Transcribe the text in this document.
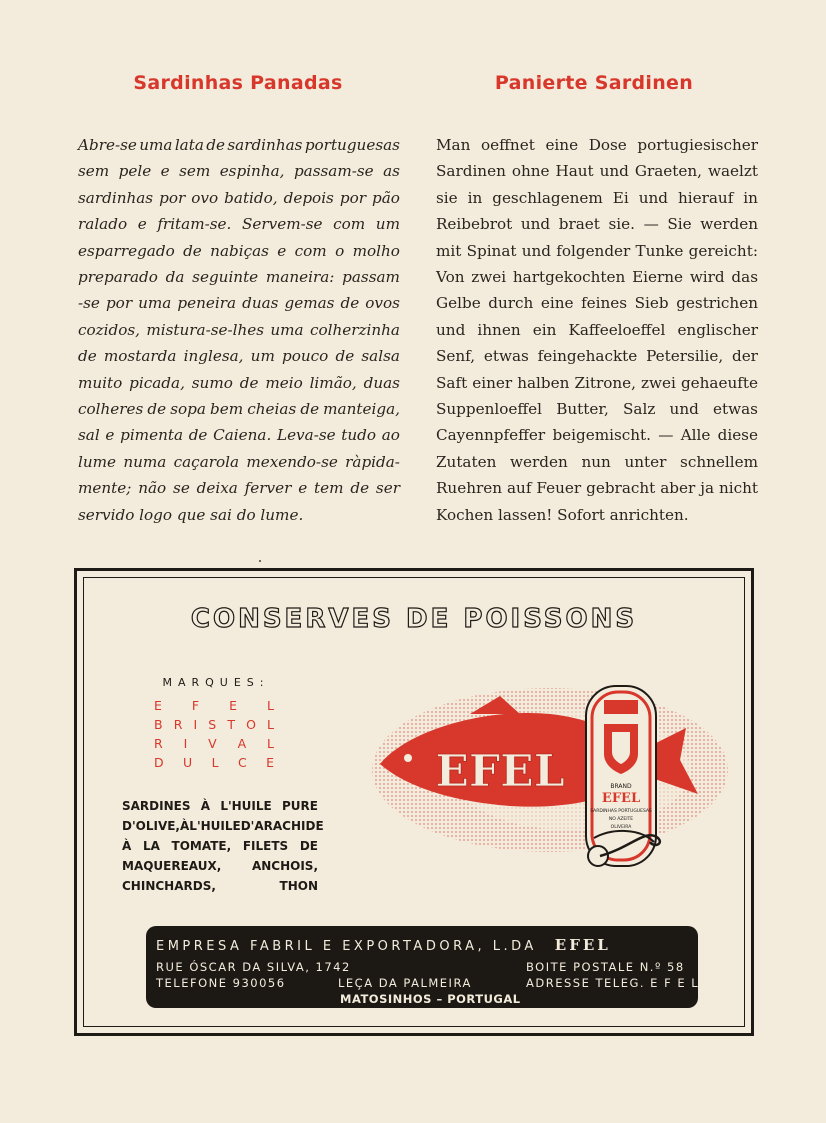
Sardinhas Panadas	Panierte Sardinen
Abre-se uma lata de sardinhas portuguesas
sem pele e sem espinha, passam-se as
sardinhas por ovo batido, depois por pão
ralado e fritam-se. Servem-se com um
esparregado de nabiças e com o molho
preparado da seguinte maneira: passam
-se por uma peneira duas gemas de ovos
cozidos, mistura-se-lhes uma colherzinha
de mostarda inglesa, um pouco de salsa
muito picada, sumo de meio limão, duas
colheres de sopa bem cheias de manteiga,
sal e pimenta de Caiena. Leva-se tudo ao
lume numa caçarola mexendo-se ràpida-
mente; não se deixa ferver e tem de ser
servido logo que sai do lume.
Man oeffnet eine Dose portugiesischer
Sardinen ohne Haut und Graeten, waelzt
sie in geschlagenem Ei und hierauf in
Reibebrot und braet sie. — Sie werden
mit Spinat und folgender Tunke gereicht:
Von zwei hartgekochten Eierne wird das
Gelbe durch eine feines Sieb gestrichen
und ihnen ein Kaffeeloeffel englischer
Senf, etwas feingehackte Petersilie, der
Saft einer halben Zitrone, zwei gehaeufte
Suppenloeffel Butter, Salz und etwas
Cayennpfeffer beigemischt. — Alle diese
Zutaten werden nun unter schnellem
Ruehren auf Feuer gebracht aber ja nicht
Kochen lassen! Sofort anrichten.
CONSERVES DE POISSONS
MARQUES:
E F E L
B R I S T O L
R I V A L
D U L C E
SARDINES À L'HUILE PURE
D'OLIVE, À L'HUILE D'ARACHIDE
À LA TOMATE, FILETS DE
MAQUEREAUX,	ANCHOIS,
CHINCHARDS,	THON
EFEL	BRAND
EFEL
SARDINHAS PORTUGUESAS
NO AZEITE
OLIVEIRA
EMPRESA FABRIL E EXPORTADORA, L.DA EFEL
RUE ÓSCAR DA SILVA, 1742
TELEFONE 930056	LEÇA DA PALMEIRA
MATOSINHOS – PORTUGAL
BOITE POSTALE N.º 58
ADRESSE TELEG. E F E L
